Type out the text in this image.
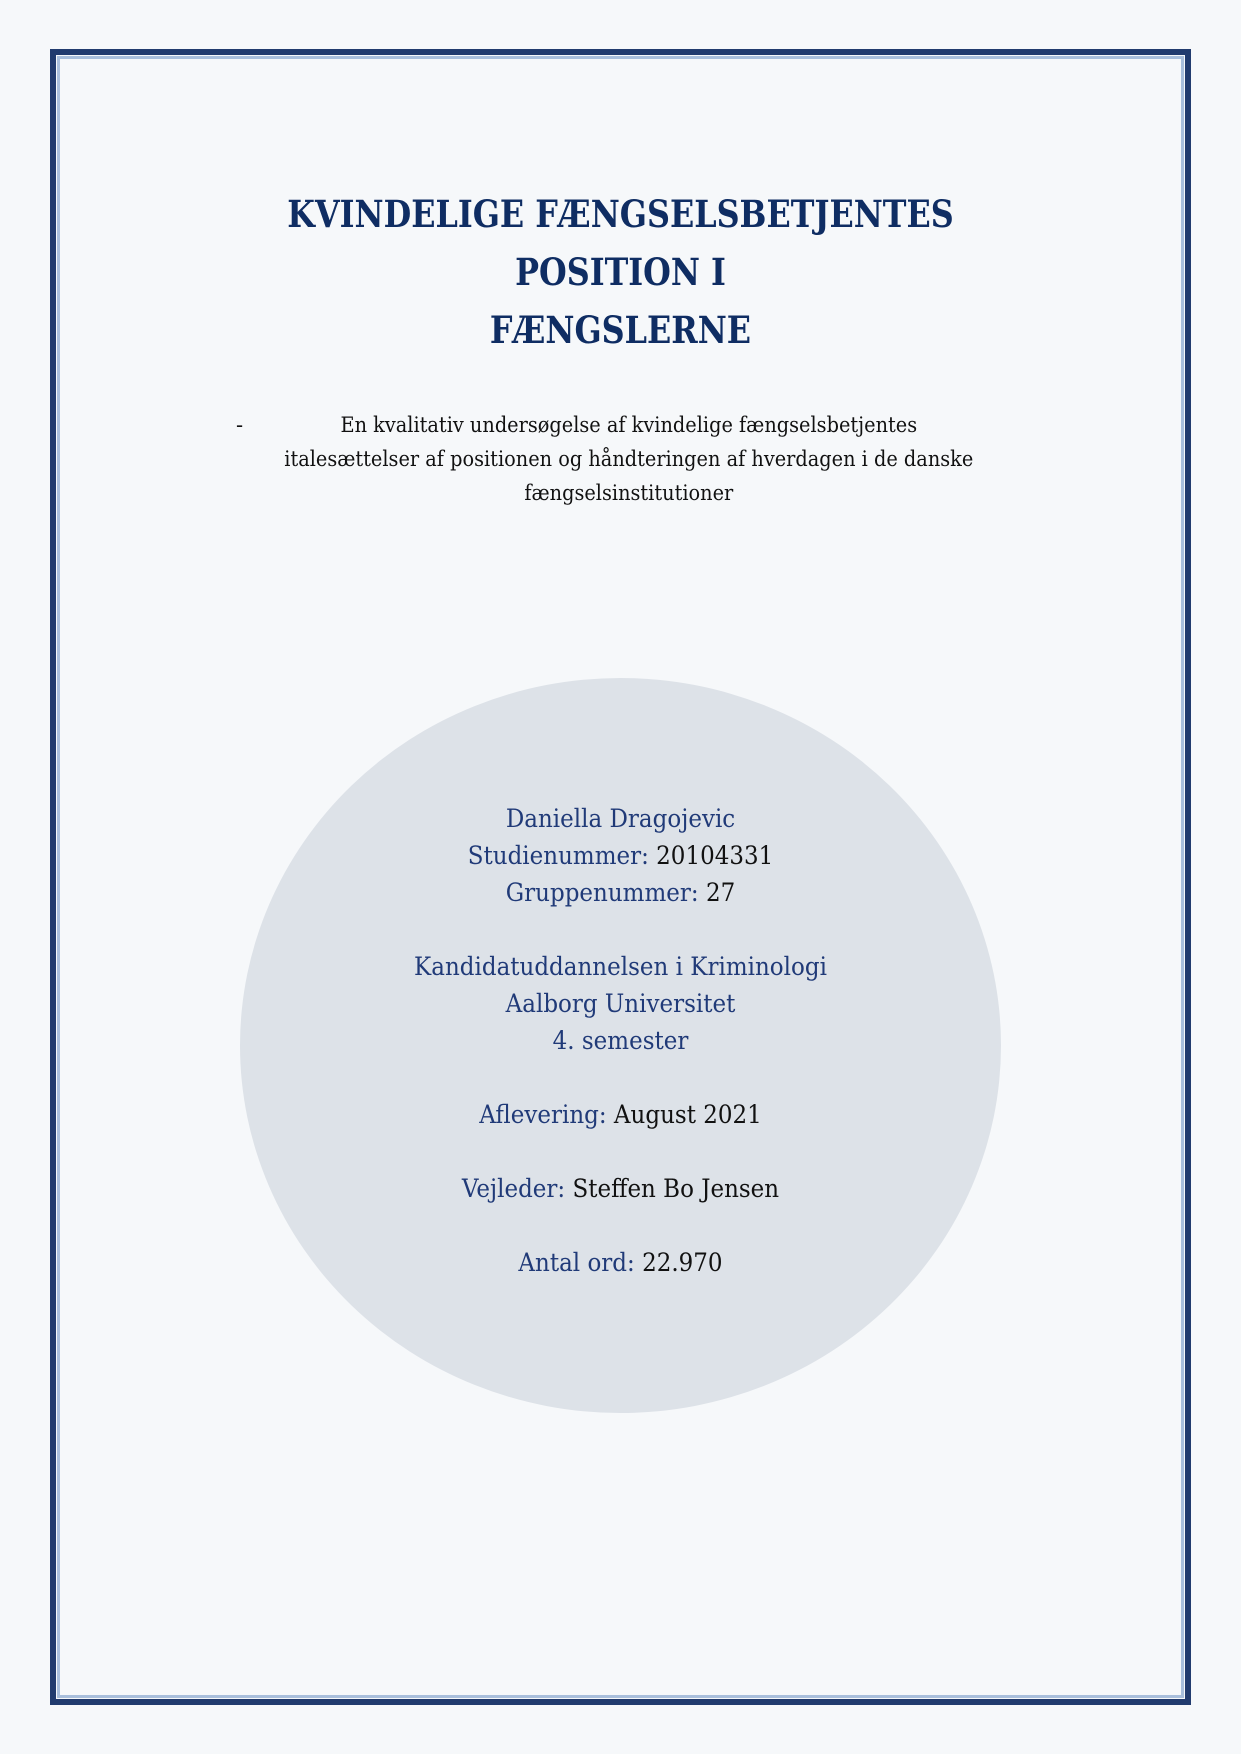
KVINDELIGE FÆNGSELSBETJENTES POSITION I
FÆNGSLERNE
-	En kvalitativ undersøgelse af kvindelige fængselsbetjentes italesættelser af positionen og håndteringen af hverdagen i de danske fængselsinstitutioner
Daniella Dragojevic
Studienummer: 20104331
Gruppenummer: 27
Kandidatuddannelsen i Kriminologi
Aalborg Universitet
4. semester
Aflevering: August 2021
Vejleder: Steffen Bo Jensen
Antal ord: 22.970
